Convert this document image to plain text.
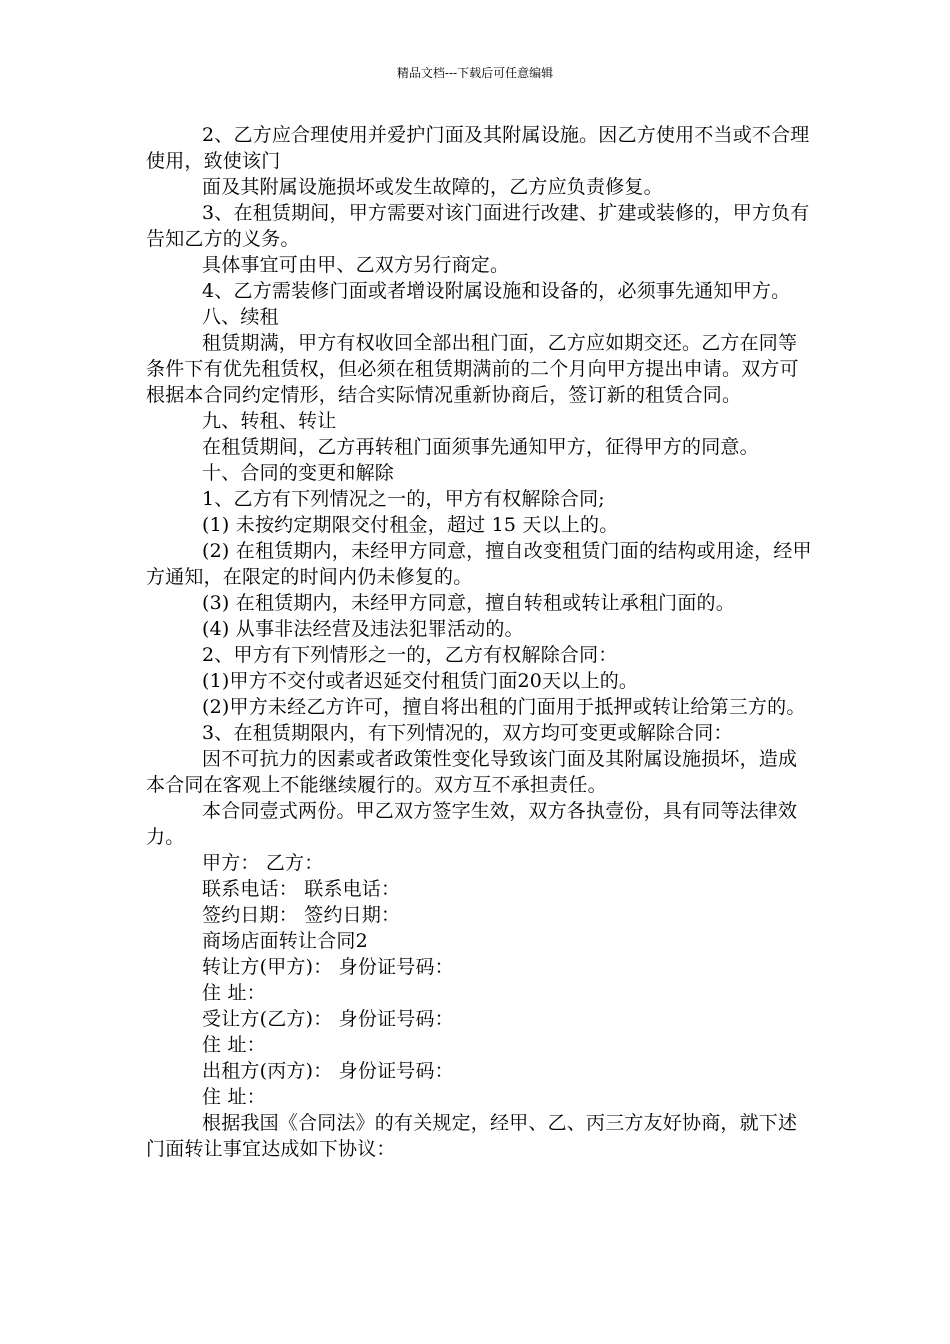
精品文档---下载后可任意编辑

2、乙方应合理使用并爱护门面及其附属设施。因乙方使用不当或不合理使用，致使该门

面及其附属设施损坏或发生故障的，乙方应负责修复。

3、在租赁期间，甲方需要对该门面进行改建、扩建或装修的，甲方负有告知乙方的义务。

具体事宜可由甲、乙双方另行商定。

4、乙方需装修门面或者增设附属设施和设备的，必须事先通知甲方。

八、续租

租赁期满，甲方有权收回全部出租门面，乙方应如期交还。乙方在同等条件下有优先租赁权，但必须在租赁期满前的二个月向甲方提出申请。双方可根据本合同约定情形，结合实际情况重新协商后，签订新的租赁合同。

九、转租、转让

在租赁期间，乙方再转租门面须事先通知甲方，征得甲方的同意。

十、合同的变更和解除

1、乙方有下列情况之一的，甲方有权解除合同;

(1) 未按约定期限交付租金，超过 15 天以上的。

(2) 在租赁期内，未经甲方同意，擅自改变租赁门面的结构或用途，经甲方通知，在限定的时间内仍未修复的。

(3) 在租赁期内，未经甲方同意，擅自转租或转让承租门面的。

(4) 从事非法经营及违法犯罪活动的。

2、甲方有下列情形之一的，乙方有权解除合同：

(1)甲方不交付或者迟延交付租赁门面20天以上的。

(2)甲方未经乙方许可，擅自将出租的门面用于抵押或转让给第三方的。

3、在租赁期限内，有下列情况的，双方均可变更或解除合同：

因不可抗力的因素或者政策性变化导致该门面及其附属设施损坏，造成本合同在客观上不能继续履行的。双方互不承担责任。

本合同壹式两份。甲乙双方签字生效，双方各执壹份，具有同等法律效力。

甲方： 乙方：

联系电话： 联系电话：

签约日期： 签约日期：

商场店面转让合同2

转让方(甲方)： 身份证号码：

住 址：

受让方(乙方)： 身份证号码：

住 址：

出租方(丙方)： 身份证号码：

住 址：

根据我国《合同法》的有关规定，经甲、乙、丙三方友好协商，就下述门面转让事宜达成如下协议：
